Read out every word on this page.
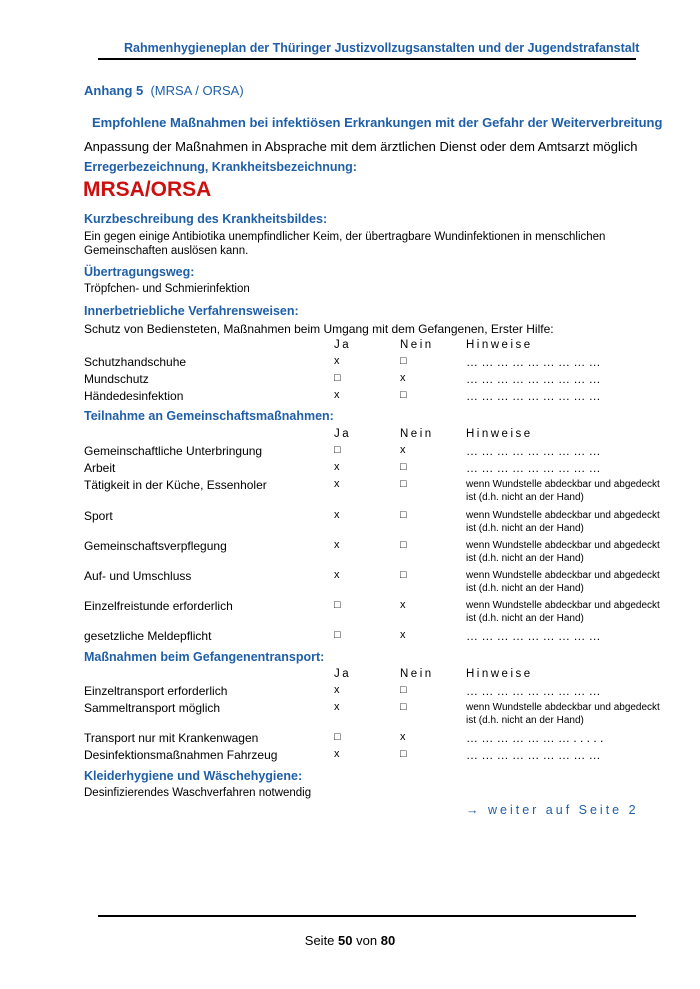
Rahmenhygieneplan der Thüringer Justizvollzugsanstalten und der Jugendstrafanstalt
Anhang 5 (MRSA / ORSA)
Empfohlene Maßnahmen bei infektiösen Erkrankungen mit der Gefahr der Weiterverbreitung
Anpassung der Maßnahmen in Absprache mit dem ärztlichen Dienst oder dem Amtsarzt möglich
Erregerbezeichnung, Krankheitsbezeichnung:
MRSA/ORSA
Kurzbeschreibung des Krankheitsbildes:
Ein gegen einige Antibiotika unempfindlicher Keim, der übertragbare Wundinfektionen in menschlichen
Gemeinschaften auslösen kann.
Übertragungsweg:
Tröpfchen- und Schmierinfektion
Innerbetriebliche Verfahrensweisen:
Schutz von Bediensteten, Maßnahmen beim Umgang mit dem Gefangenen, Erster Hilfe:
Ja	Nein	Hinweise
Schutzhandschuhe	x	□	… … … … … … … … …
Mundschutz	□	x	… … … … … … … … …
Händedesinfektion	x	□	… … … … … … … … …
Teilnahme an Gemeinschaftsmaßnahmen:
Ja	Nein	Hinweise
Gemeinschaftliche Unterbringung	□	x	… … … … … … … … …
Arbeit	x	□	… … … … … … … … …
Tätigkeit in der Küche, Essenholer	x	□	wenn Wundstelle abdeckbar und abgedeckt ist (d.h. nicht an der Hand)
Sport	x	□	wenn Wundstelle abdeckbar und abgedeckt ist (d.h. nicht an der Hand)
Gemeinschaftsverpflegung	x	□	wenn Wundstelle abdeckbar und abgedeckt ist (d.h. nicht an der Hand)
Auf- und Umschluss	x	□	wenn Wundstelle abdeckbar und abgedeckt ist (d.h. nicht an der Hand)
Einzelfreistunde erforderlich	□	x	wenn Wundstelle abdeckbar und abgedeckt ist (d.h. nicht an der Hand)
gesetzliche Meldepflicht	□	x	… … … … … … … … …
Maßnahmen beim Gefangenentransport:
Ja	Nein	Hinweise
Einzeltransport erforderlich	x	□	… … … … … … … … …
Sammeltransport möglich	x	□	wenn Wundstelle abdeckbar und abgedeckt ist (d.h. nicht an der Hand)
Transport nur mit Krankenwagen	□	x	… … … … … … … . . . . .
Desinfektionsmaßnahmen Fahrzeug	x	□	… … … … … … … … …
Kleiderhygiene und Wäschehygiene:
Desinfizierendes Waschverfahren notwendig
→ weiter auf Seite 2
Seite 50 von 80
